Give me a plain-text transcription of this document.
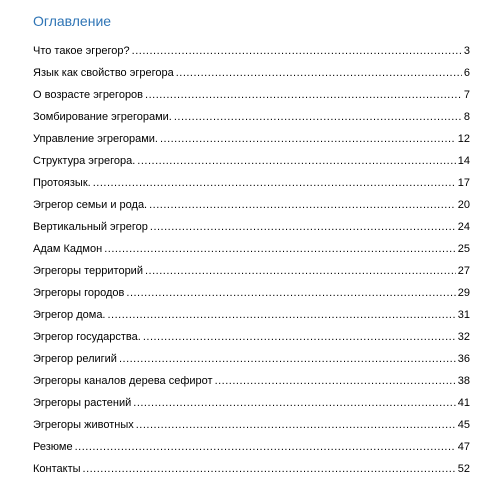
Оглавление
Что такое эгрегор? .....	3
Язык как свойство эгрегора .....	6
О возрасте эгрегоров .....	7
Зомбирование эгрегорами. .....	8
Управление эгрегорами. .....	12
Структура эгрегора. .....	14
Протоязык. .....	17
Эгрегор семьи и рода. .....	20
Вертикальный эгрегор .....	24
Адам Кадмон .....	25
Эгрегоры территорий .....	27
Эгрегоры городов .....	29
Эгрегор дома. .....	31
Эгрегор государства. .....	32
Эгрегор религий .....	36
Эгрегоры каналов дерева сефирот .....	38
Эгрегоры растений .....	41
Эгрегоры животных .....	45
Резюме .....	47
Контакты .....	52
